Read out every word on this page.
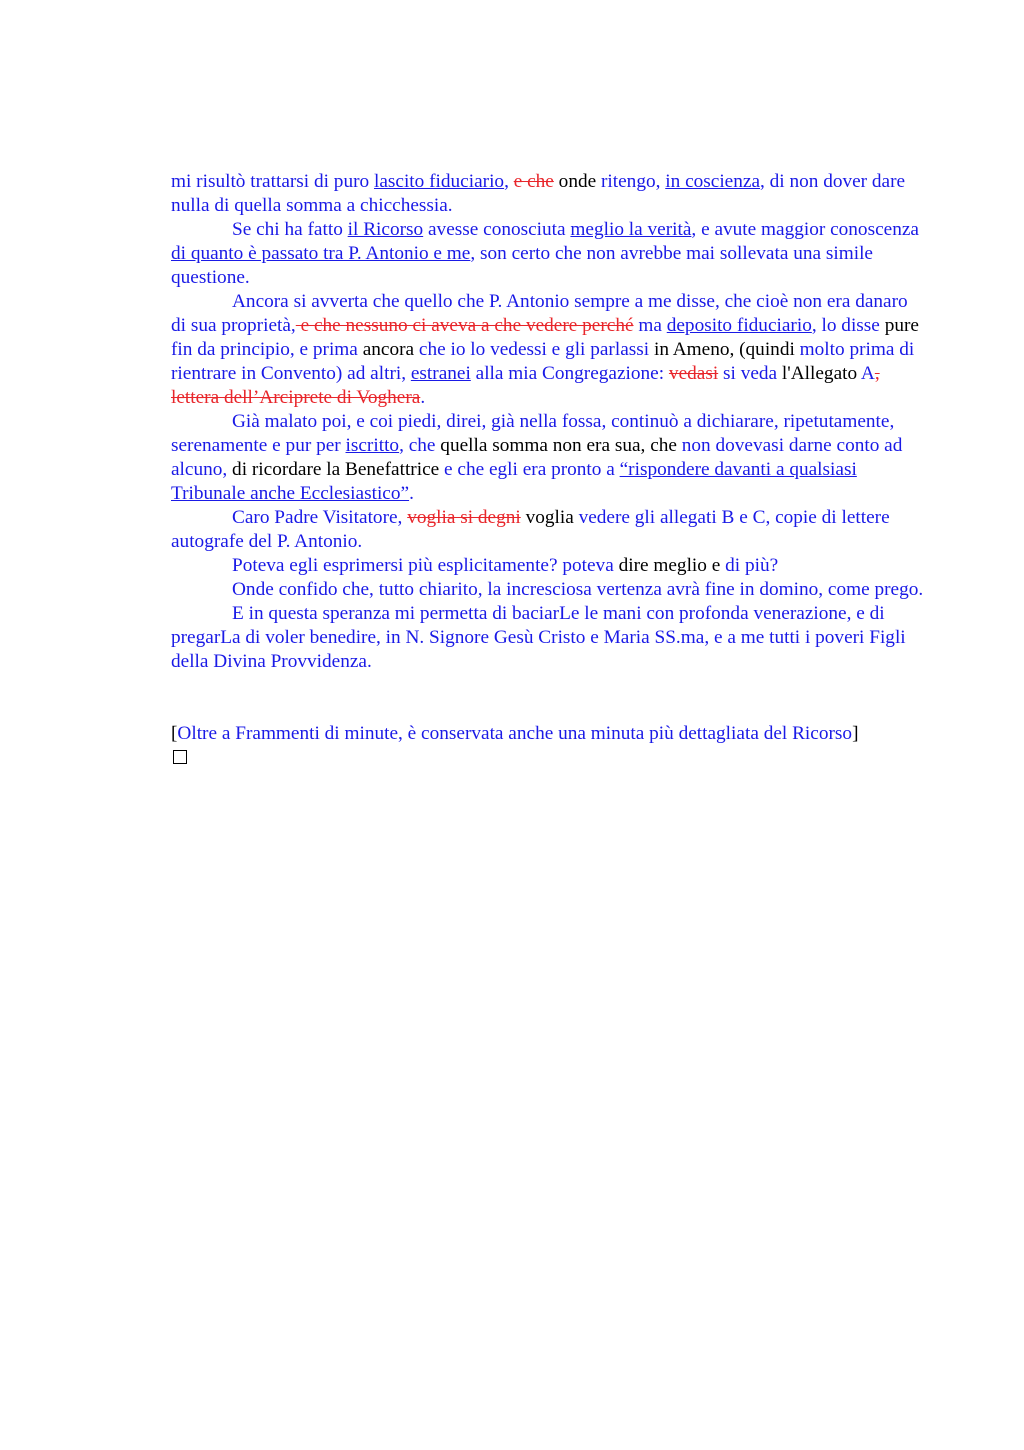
mi risultò trattarsi di puro lascito fiduciario, e che onde ritengo, in coscienza, di non dover dare nulla di quella somma a chicchessia.

Se chi ha fatto il Ricorso avesse conosciuta meglio la verità, e avute maggior conoscenza di quanto è passato tra P. Antonio e me, son certo che non avrebbe mai sollevata una simile questione.

Ancora si avverta che quello che P. Antonio sempre a me disse, che cioè non era danaro di sua proprietà, e che nessuno ci aveva a che vedere perché ma deposito fiduciario, lo disse pure fin da principio, e prima ancora che io lo vedessi e gli parlassi in Ameno, (quindi molto prima di rientrare in Convento) ad altri, estranei alla mia Congregazione: vedasi si veda l'Allegato A, lettera dell’Arciprete di Voghera.

Già malato poi, e coi piedi, direi, già nella fossa, continuò a dichiarare, ripetutamente, serenamente e pur per iscritto, che quella somma non era sua, che non dovevasi darne conto ad alcuno, di ricordare la Benefattrice e che egli era pronto a “rispondere davanti a qualsiasi Tribunale anche Ecclesiastico”.

Caro Padre Visitatore, voglia si degni voglia vedere gli allegati B e C, copie di lettere autografe del P. Antonio.

Poteva egli esprimersi più esplicitamente? poteva dire meglio e di più?

Onde confido che, tutto chiarito, la incresciosa vertenza avrà fine in domino, come prego.

E in questa speranza mi permetta di baciarLe le mani con profonda venerazione, e di pregarLa di voler benedire, in N. Signore Gesù Cristo e Maria SS.ma, e a me tutti i poveri Figli della Divina Provvidenza.

[Oltre a Frammenti di minute, è conservata anche una minuta più dettagliata del Ricorso]
